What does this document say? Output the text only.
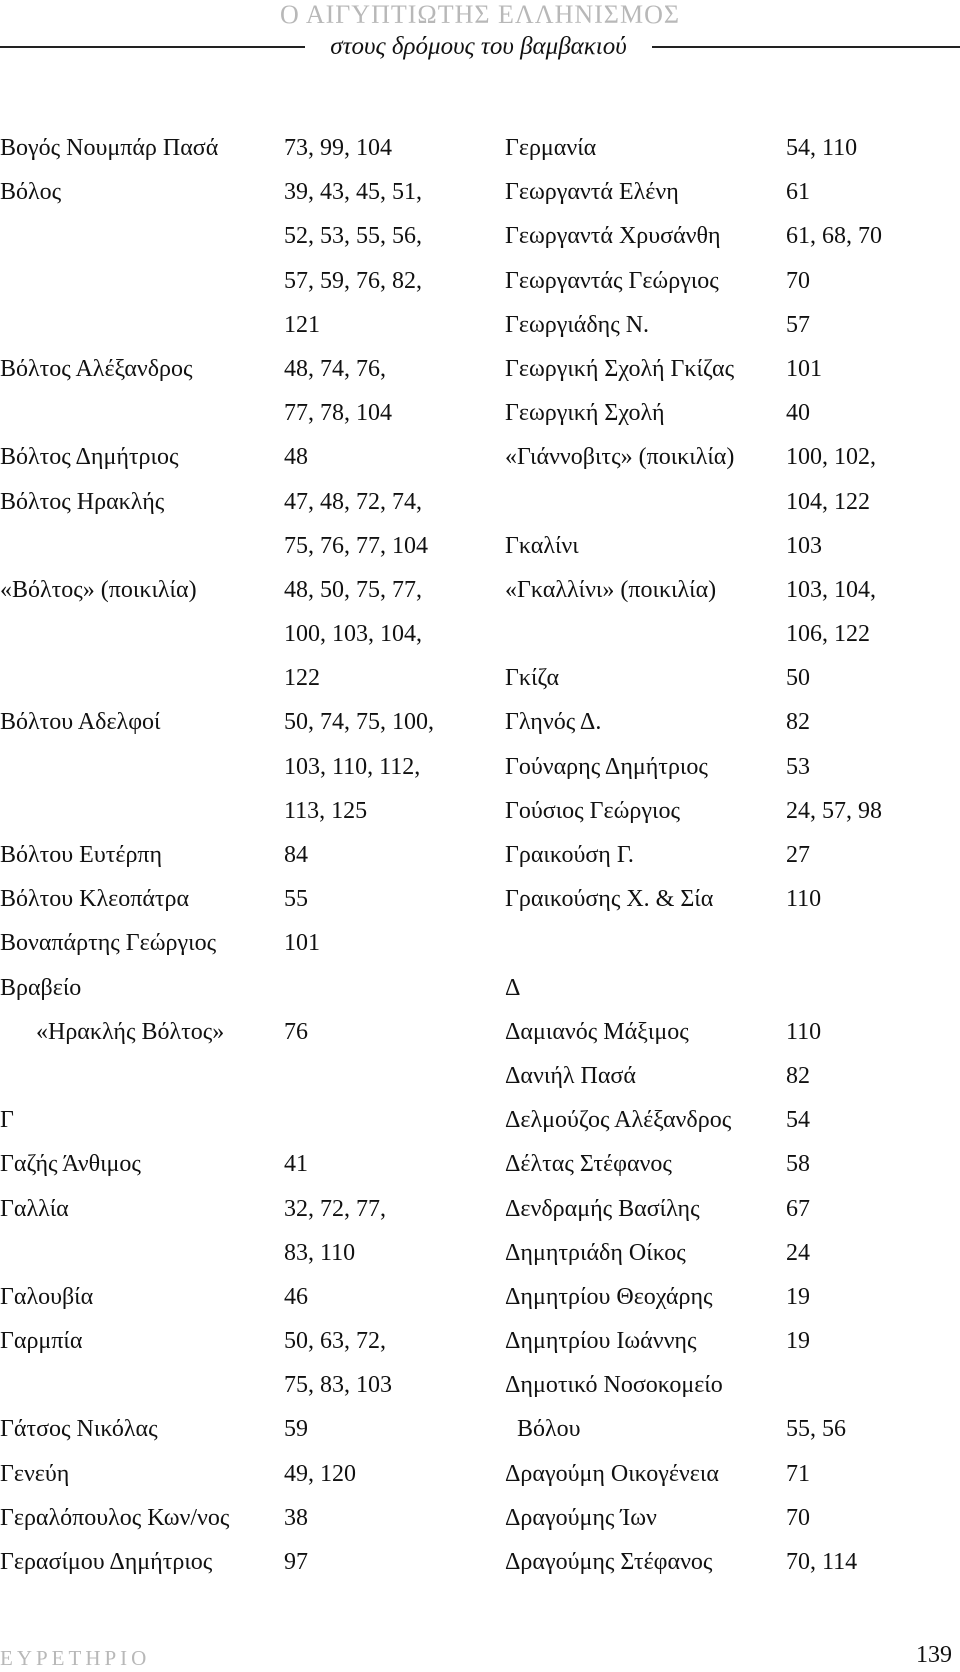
Ο ΑΙΓΥΠΤΙΩΤΗΣ ΕΛΛΗΝΙΣΜΟΣ
στους δρόμους του βαμβακιού
Βογός Νουμπάρ Πασά	73, 99, 104
Βόλος	39, 43, 45, 51,
52, 53, 55, 56,
57, 59, 76, 82,
121
Βόλτος Αλέξανδρος	48, 74, 76,
77, 78, 104
Βόλτος Δημήτριος	48
Βόλτος Ηρακλής	47, 48, 72, 74,
75, 76, 77, 104
«Βόλτος» (ποικιλία)	48, 50, 75, 77,
100, 103, 104,
122
Βόλτου Αδελφοί	50, 74, 75, 100,
103, 110, 112,
113, 125
Βόλτου Ευτέρπη	84
Βόλτου Κλεοπάτρα	55
Βοναπάρτης Γεώργιος	101
Βραβείο
«Ηρακλής Βόλτος» 76
Γ
Γαζής Άνθιμος	41
Γαλλία	32, 72, 77,
83, 110
Γαλουβία	46
Γαρμπία	50, 63, 72,
75, 83, 103
Γάτσος Νικόλας	59
Γενεύη	49, 120
Γεραλόπουλος Κων/νος 38
Γερασίμου Δημήτριος	97
Γερμανία	54, 110
Γεωργαντά Ελένη	61
Γεωργαντά Χρυσάνθη	61, 68, 70
Γεωργαντάς Γεώργιος	70
Γεωργιάδης Ν.	57
Γεωργική Σχολή Γκίζας 101
Γεωργική Σχολή	40
«Γιάννοβιτς» (ποικιλία) 100, 102,
104, 122
Γκαλίνι	103
«Γκαλλίνι» (ποικιλία)	103, 104,
106, 122
Γκίζα	50
Γληνός Δ.	82
Γούναρης Δημήτριος	53
Γούσιος Γεώργιος	24, 57, 98
Γραικούση Γ.	27
Γραικούσης Χ. & Σία	110
Δ
Δαμιανός Μάξιμος	110
Δανιήλ Πασά	82
Δελμούζος Αλέξανδρος 54
Δέλτας Στέφανος	58
Δενδραμής Βασίλης	67
Δημητριάδη Οίκος	24
Δημητρίου Θεοχάρης	19
Δημητρίου Ιωάννης	19
Δημοτικό Νοσοκομείο
Βόλου	55, 56
Δραγούμη Οικογένεια	71
Δραγούμης Ίων	70
Δραγούμης Στέφανος	70, 114
ΕΥΡΕΤΗΡΙΟ	139
